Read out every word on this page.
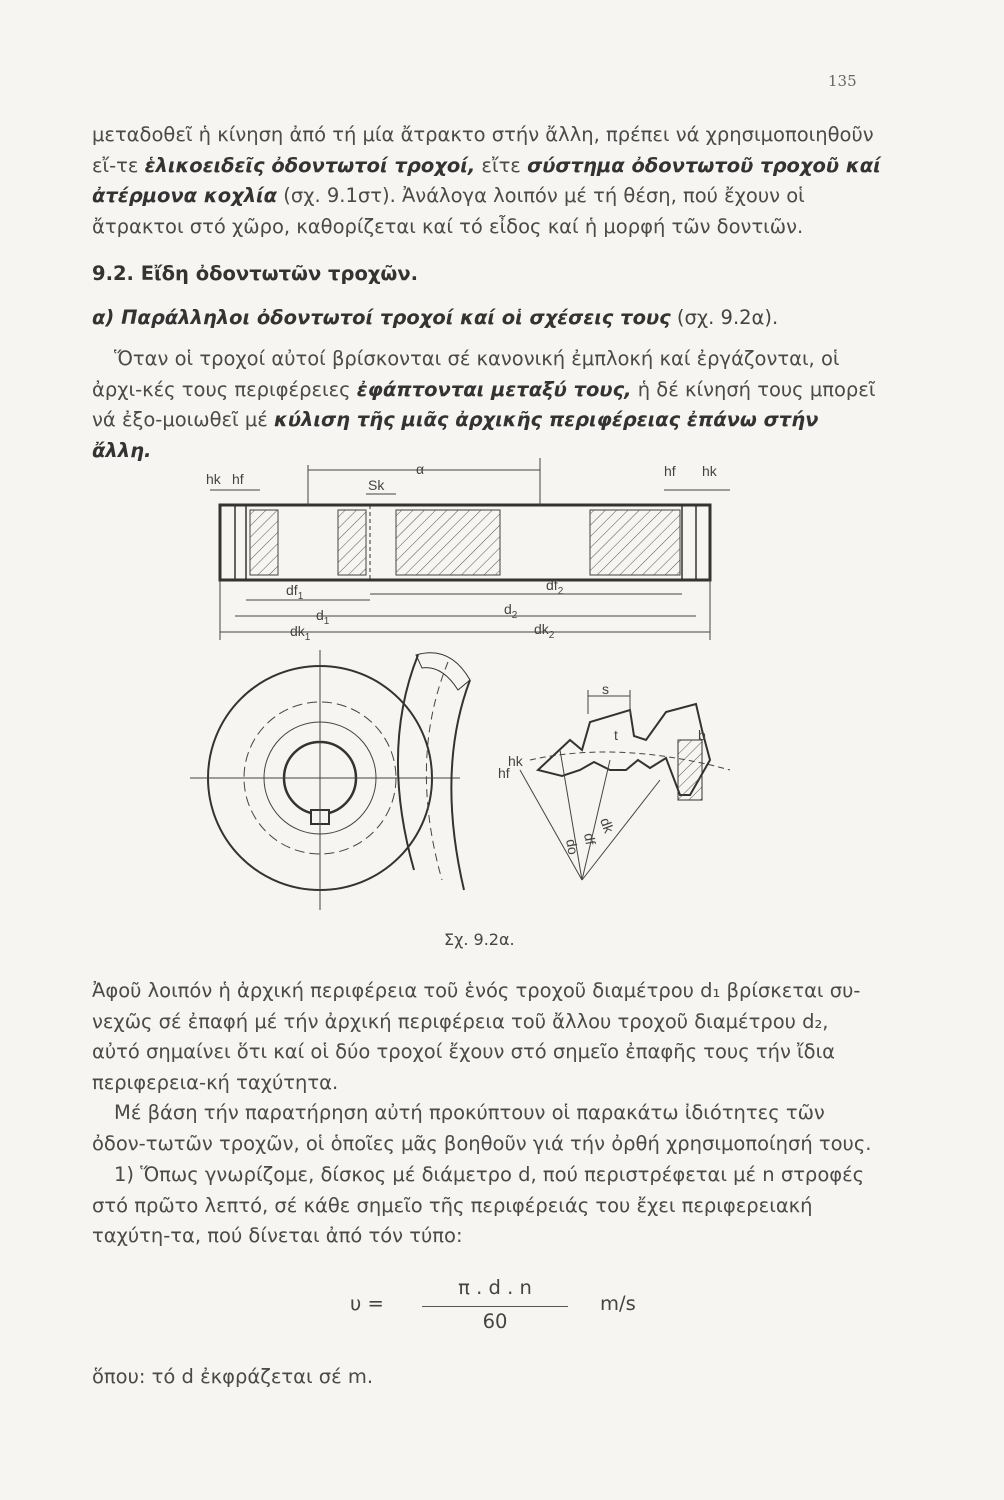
135

μεταδοθεῖ ἡ κίνηση ἀπό τή μία ἄτρακτο στήν ἄλλη, πρέπει νά χρησιμοποιηθοῦν εἴ-τε ἑλικοειδεῖς ὀδοντωτοί τροχοί, εἴτε σύστημα ὀδοντωτοῦ τροχοῦ καί ἀτέρμονα κοχλία (σχ. 9.1στ). Ἀνάλογα λοιπόν μέ τή θέση, πού ἔχουν οἱ ἄτρακτοι στό χῶρο, καθορίζεται καί τό εἶδος καί ἡ μορφή τῶν δοντιῶν.

9.2. Εἴδη ὀδοντωτῶν τροχῶν.

α) Παράλληλοι ὀδοντωτοί τροχοί καί οἱ σχέσεις τους (σχ. 9.2α).

Ὅταν οἱ τροχοί αὐτοί βρίσκονται σέ κανονική ἐμπλοκή καί ἐργάζονται, οἱ ἀρχι-κές τους περιφέρειες ἐφάπτονται μεταξύ τους, ἡ δέ κίνησή τους μπορεῖ νά ἐξο-μοιωθεῖ μέ κύλιση τῆς μιᾶς ἀρχικῆς περιφέρειας ἐπάνω στήν ἄλλη.

hk hf
α
Sk
hf hk
$df_1$
$d_1$
$dk_1$
$df_2$
$d_2$
$dk_2$
s
t	b
hk
hf
do df
dk

Σχ. 9.2α.

Ἀφοῦ λοιπόν ἡ ἀρχική περιφέρεια τοῦ ἑνός τροχοῦ διαμέτρου d₁ βρίσκεται συ-νεχῶς σέ ἐπαφή μέ τήν ἀρχική περιφέρεια τοῦ ἄλλου τροχοῦ διαμέτρου d₂, αὐτό σημαίνει ὅτι καί οἱ δύο τροχοί ἔχουν στό σημεῖο ἐπαφῆς τους τήν ἴδια περιφερεια-κή ταχύτητα.

Μέ βάση τήν παρατήρηση αὐτή προκύπτουν οἱ παρακάτω ἰδιότητες τῶν ὀδον-τωτῶν τροχῶν, οἱ ὁποῖες μᾶς βοηθοῦν γιά τήν ὀρθή χρησιμοποίησή τους.

1) Ὅπως γνωρίζομε, δίσκος μέ διάμετρο d, πού περιστρέφεται μέ n στροφές στό πρῶτο λεπτό, σέ κάθε σημεῖο τῆς περιφέρειάς του ἔχει περιφερειακή ταχύτη-τα, πού δίνεται ἀπό τόν τύπο:

υ =
π . d . n
60
m/s

ὅπου: τό d ἐκφράζεται σέ m.
